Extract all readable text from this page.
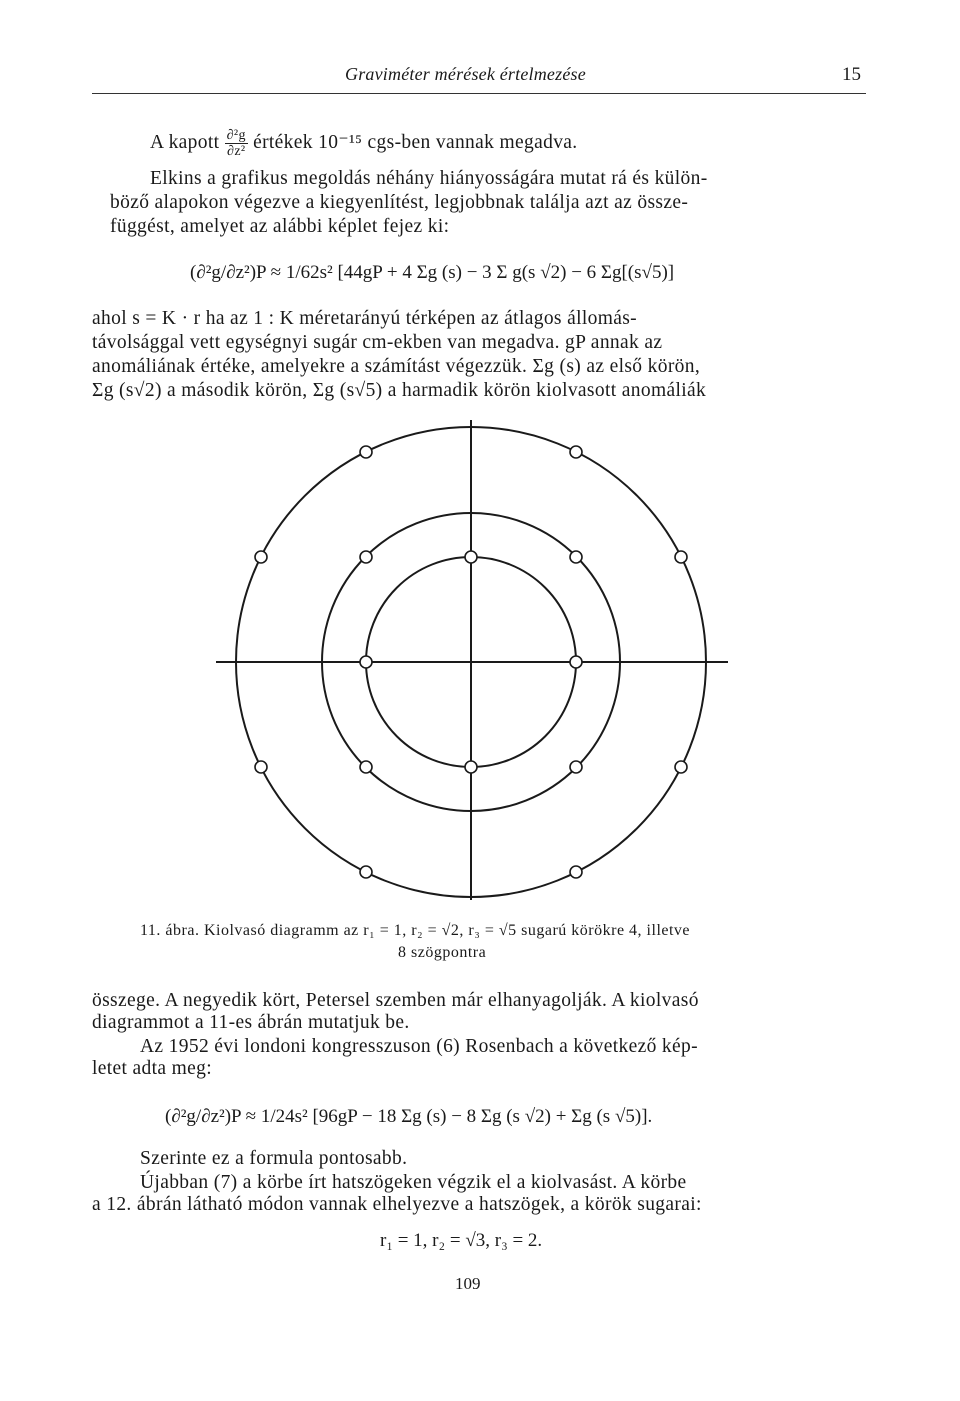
Graviméter mérések értelmezése	15
A kapott $\frac{\text{∂²g}}{\text{∂z²}}$ értékek 10⁻¹⁵ cgs-ben vannak megadva.
Elkins a grafikus megoldás néhány hiányosságára mutat rá és külön-
böző alapokon végezve a kiegyenlítést, legjobbnak találja azt az össze-
függést, amelyet az alábbi képlet fejez ki:
(∂²g/∂z²)P ≈ 1/62s² [44gP + 4 Σg (s) − 3 Σ g(s √2) − 6 Σg[(s√5)]
ahol s = K · r ha az 1 : K méretarányú térképen az átlagos állomás-
távolsággal vett egységnyi sugár cm-ekben van megadva. gP annak az
anomáliának értéke, amelyekre a számítást végezzük. Σg (s) az első körön,
Σg (s√2) a második körön, Σg (s√5) a harmadik körön kiolvasott anomáliák
11. ábra. Kiolvasó diagramm az r₁ = 1, r₂ = √2, r₃ = √5 sugarú körökre 4, illetve
8 szögpontra
összege. A negyedik kört, Petersel szemben már elhanyagolják. A kiolvasó
diagrammot a 11-es ábrán mutatjuk be.
Az 1952 évi londoni kongresszuson (6) Rosenbach a következő kép-
letet adta meg:
(∂²g/∂z²)P ≈ 1/24s² [96gP − 18 Σg (s) − 8 Σg (s √2) + Σg (s √5)].
Szerinte ez a formula pontosabb.
Újabban (7) a körbe írt hatszögeken végzik el a kiolvasást. A körbe
a 12. ábrán látható módon vannak elhelyezve a hatszögek, a körök sugarai:
r₁ = 1, r₂ = √3, r₃ = 2.
109
